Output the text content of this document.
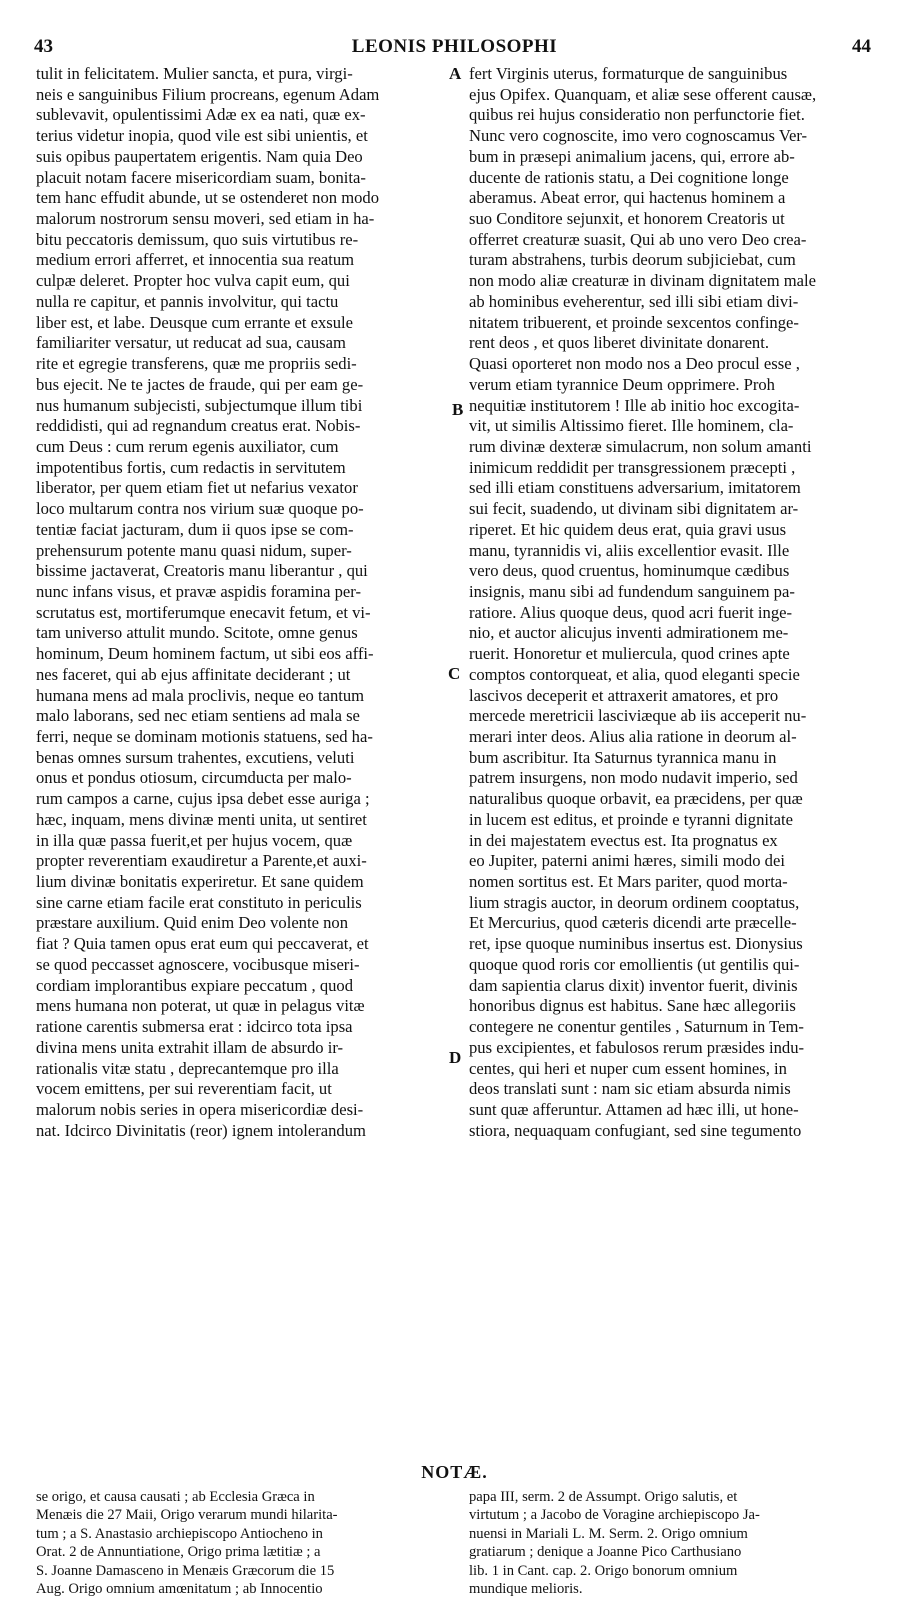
43	LEONIS PHILOSOPHI	44
tulit in felicitatem. Mulier sancta, et pura, virgi-
neis e sanguinibus Filium procreans, egenum Adam
sublevavit, opulentissimi Adæ ex ea nati, quæ ex-
terius videtur inopia, quod vile est sibi unientis, et
suis opibus paupertatem erigentis. Nam quia Deo
placuit notam facere misericordiam suam, bonita-
tem hanc effudit abunde, ut se ostenderet non modo
malorum nostrorum sensu moveri, sed etiam in ha-
bitu peccatoris demissum, quo suis virtutibus re-
medium errori afferret, et innocentia sua reatum
culpæ deleret. Propter hoc vulva capit eum, qui
nulla re capitur, et pannis involvitur, qui tactu
liber est, et labe. Deusque cum errante et exsule
familiariter versatur, ut reducat ad sua, causam
rite et egregie transferens, quæ me propriis sedi-
bus ejecit. Ne te jactes de fraude, qui per eam ge-
nus humanum subjecisti, subjectumque illum tibi
reddidisti, qui ad regnandum creatus erat. Nobis-
cum Deus : cum rerum egenis auxiliator, cum
impotentibus fortis, cum redactis in servitutem
liberator, per quem etiam fiet ut nefarius vexator
loco multarum contra nos virium suæ quoque po-
tentiæ faciat jacturam, dum ii quos ipse se com-
prehensurum potente manu quasi nidum, super-
bissime jactaverat, Creatoris manu liberantur , qui
nunc infans visus, et pravæ aspidis foramina per-
scrutatus est, mortiferumque enecavit fetum, et vi-
tam universo attulit mundo. Scitote, omne genus
hominum, Deum hominem factum, ut sibi eos affi-
nes faceret, qui ab ejus affinitate deciderant ; ut
humana mens ad mala proclivis, neque eo tantum
malo laborans, sed nec etiam sentiens ad mala se
ferri, neque se dominam motionis statuens, sed ha-
benas omnes sursum trahentes, excutiens, veluti
onus et pondus otiosum, circumducta per malo-
rum campos a carne, cujus ipsa debet esse auriga ;
hæc, inquam, mens divinæ menti unita, ut sentiret
in illa quæ passa fuerit,et per hujus vocem, quæ
propter reverentiam exaudiretur a Parente,et auxi-
lium divinæ bonitatis experiretur. Et sane quidem
sine carne etiam facile erat constituto in periculis
præstare auxilium. Quid enim Deo volente non
fiat ? Quia tamen opus erat eum qui peccaverat, et
se quod peccasset agnoscere, vocibusque miseri-
cordiam implorantibus expiare peccatum , quod
mens humana non poterat, ut quæ in pelagus vitæ
ratione carentis submersa erat : idcirco tota ipsa
divina mens unita extrahit illam de absurdo ir-
rationalis vitæ statu , deprecantemque pro illa
vocem emittens, per sui reverentiam facit, ut
malorum nobis series in opera misericordiæ desi-
nat. Idcirco Divinitatis (reor) ignem intolerandum
fert Virginis uterus, formaturque de sanguinibus
ejus Opifex. Quanquam, et aliæ sese offerent causæ,
quibus rei hujus consideratio non perfunctorie fiet.
Nunc vero cognoscite, imo vero cognoscamus Ver-
bum in præsepi animalium jacens, qui, errore ab-
ducente de rationis statu, a Dei cognitione longe
aberamus. Abeat error, qui hactenus hominem a
suo Conditore sejunxit, et honorem Creatoris ut
offerret creaturæ suasit, Qui ab uno vero Deo crea-
turam abstrahens, turbis deorum subjiciebat, cum
non modo aliæ creaturæ in divinam dignitatem male
ab hominibus eveherentur, sed illi sibi etiam divi-
nitatem tribuerent, et proinde sexcentos confinge-
rent deos , et quos liberet divinitate donarent.
Quasi oporteret non modo nos a Deo procul esse ,
verum etiam tyrannice Deum opprimere. Proh
nequitiæ institutorem ! Ille ab initio hoc excogita-
vit, ut similis Altissimo fieret. Ille hominem, cla-
rum divinæ dexteræ simulacrum, non solum amanti
inimicum reddidit per transgressionem præcepti ,
sed illi etiam constituens adversarium, imitatorem
sui fecit, suadendo, ut divinam sibi dignitatem ar-
riperet. Et hic quidem deus erat, quia gravi usus
manu, tyrannidis vi, aliis excellentior evasit. Ille
vero deus, quod cruentus, hominumque cædibus
insignis, manu sibi ad fundendum sanguinem pa-
ratiore. Alius quoque deus, quod acri fuerit inge-
nio, et auctor alicujus inventi admirationem me-
ruerit. Honoretur et muliercula, quod crines apte
comptos contorqueat, et alia, quod eleganti specie
lascivos deceperit et attraxerit amatores, et pro
mercede meretricii lasciviæque ab iis acceperit nu-
merari inter deos. Alius alia ratione in deorum al-
bum ascribitur. Ita Saturnus tyrannica manu in
patrem insurgens, non modo nudavit imperio, sed
naturalibus quoque orbavit, ea præcidens, per quæ
in lucem est editus, et proinde e tyranni dignitate
in dei majestatem evectus est. Ita prognatus ex
eo Jupiter, paterni animi hæres, simili modo dei
nomen sortitus est. Et Mars pariter, quod morta-
lium stragis auctor, in deorum ordinem cooptatus,
Et Mercurius, quod cæteris dicendi arte præcelle-
ret, ipse quoque numinibus insertus est. Dionysius
quoque quod roris cor emollientis (ut gentilis qui-
dam sapientia clarus dixit) inventor fuerit, divinis
honoribus dignus est habitus. Sane hæc allegoriis
contegere ne conentur gentiles , Saturnum in Tem-
pus excipientes, et fabulosos rerum præsides indu-
centes, qui heri et nuper cum essent homines, in
deos translati sunt : nam sic etiam absurda nimis
sunt quæ afferuntur. Attamen ad hæc illi, ut hone-
stiora, nequaquam confugiant, sed sine tegumento
A
B
C
D
NOTÆ.
se origo, et causa causati ; ab Ecclesia Græca in
Menæis die 27 Maii, Origo verarum mundi hilarita-
tum ; a S. Anastasio archiepiscopo Antiocheno in
Orat. 2 de Annuntiatione, Origo prima lætitiæ ; a
S. Joanne Damasceno in Menæis Græcorum die 15
Aug. Origo omnium amœnitatum ; ab Innocentio
papa III, serm. 2 de Assumpt. Origo salutis, et
virtutum ; a Jacobo de Voragine archiepiscopo Ja-
nuensi in Mariali L. M. Serm. 2. Origo omnium
gratiarum ; denique a Joanne Pico Carthusiano
lib. 1 in Cant. cap. 2. Origo bonorum omnium
mundique melioris.
